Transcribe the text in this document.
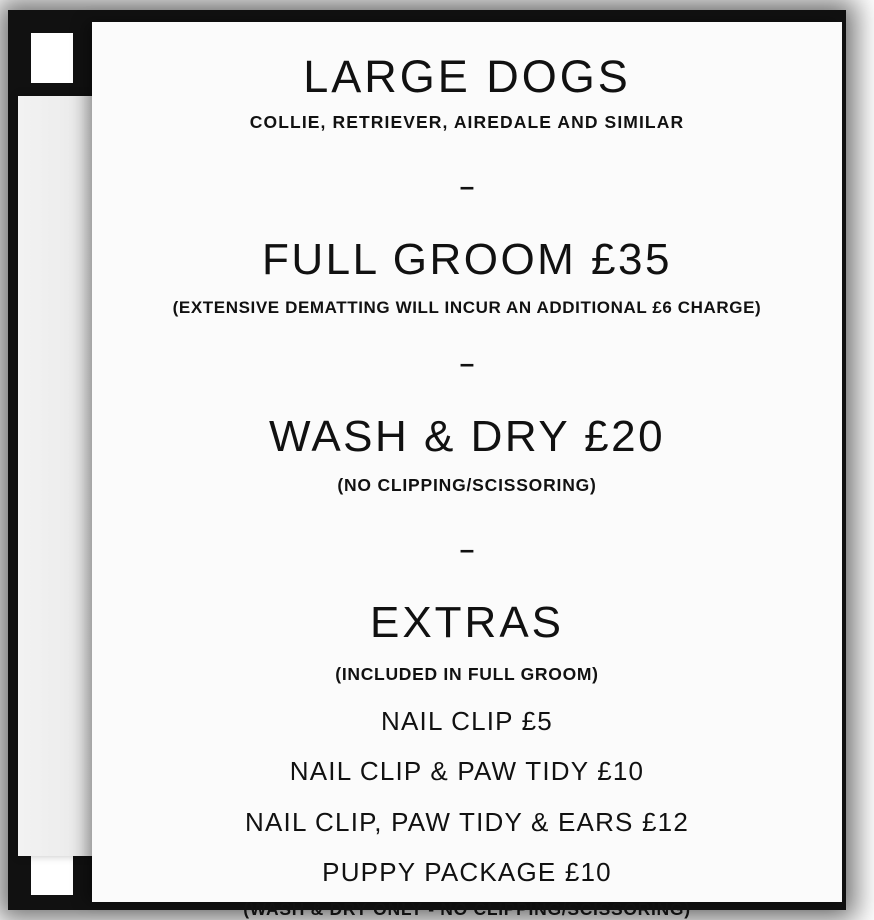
LARGE DOGS
COLLIE, RETRIEVER, AIREDALE AND SIMILAR
–
FULL GROOM £35
(EXTENSIVE DEMATTING WILL INCUR AN ADDITIONAL £6 CHARGE)
–
WASH & DRY £20
(NO CLIPPING/SCISSORING)
–
EXTRAS
(INCLUDED IN FULL GROOM)
NAIL CLIP £5
NAIL CLIP & PAW TIDY £10
NAIL CLIP, PAW TIDY & EARS £12
PUPPY PACKAGE £10
(WASH & DRY ONLY - NO CLIPPING/SCISSORING)
